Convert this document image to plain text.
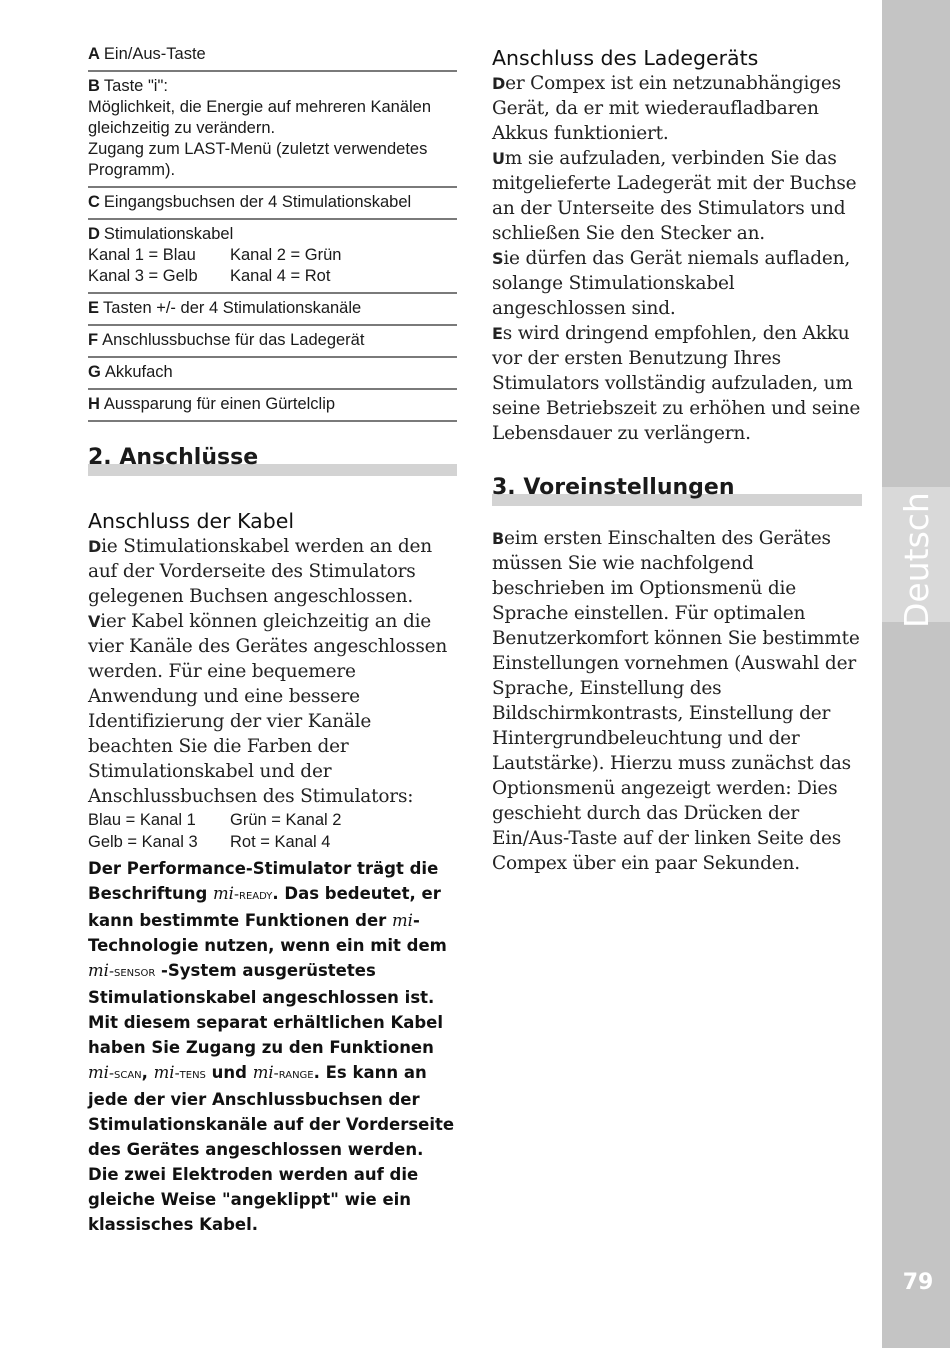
A Ein/Aus-Taste
B Taste "i":
Möglichkeit, die Energie auf mehreren Kanälen gleichzeitig zu verändern.
Zugang zum LAST-Menü (zuletzt verwendetes Programm).
C Eingangsbuchsen der 4 Stimulationskabel
D Stimulationskabel
Kanal 1 = Blau	Kanal 2 = Grün
Kanal 3 = Gelb	Kanal 4 = Rot
E Tasten +/- der 4 Stimulationskanäle
F Anschlussbuchse für das Ladegerät
G Akkufach
H Aussparung für einen Gürtelclip
2. Anschlüsse
Anschluss der Kabel

Die Stimulationskabel werden an den auf der Vorderseite des Stimulators gelegenen Buchsen angeschlossen.

Vier Kabel können gleichzeitig an die vier Kanäle des Gerätes angeschlossen werden. Für eine bequemere Anwendung und eine bessere Identifizierung der vier Kanäle beachten Sie die Farben der Stimulationskabel und der Anschlussbuchsen des Stimulators:

Blau = Kanal 1	Grün = Kanal 2
Gelb = Kanal 3	Rot = Kanal 4

Der Performance-Stimulator trägt die Beschriftung mi-ready. Das bedeutet, er kann bestimmte Funktionen der mi-Technologie nutzen, wenn ein mit dem mi-sensor -System ausgerüstetes Stimulationskabel angeschlossen ist. Mit diesem separat erhältlichen Kabel haben Sie Zugang zu den Funktionen mi-scan, mi-tens und mi-range. Es kann an jede der vier Anschlussbuchsen der Stimulationskanäle auf der Vorderseite des Gerätes angeschlossen werden. Die zwei Elektroden werden auf die gleiche Weise "angeklippt" wie ein klassisches Kabel.

Anschluss des Ladegeräts

Der Compex ist ein netzunabhängiges Gerät, da er mit wiederaufladbaren Akkus funktioniert.

Um sie aufzuladen, verbinden Sie das mitgelieferte Ladegerät mit der Buchse an der Unterseite des Stimulators und schließen Sie den Stecker an.

Sie dürfen das Gerät niemals aufladen, solange Stimulationskabel angeschlossen sind.

Es wird dringend empfohlen, den Akku vor der ersten Benutzung Ihres Stimulators vollständig aufzuladen, um seine Betriebszeit zu erhöhen und seine Lebensdauer zu verlängern.

3. Voreinstellungen

Beim ersten Einschalten des Gerätes müssen Sie wie nachfolgend beschrieben im Optionsmenü die Sprache einstellen. Für optimalen Benutzerkomfort können Sie bestimmte Einstellungen vornehmen (Auswahl der Sprache, Einstellung des Bildschirmkontrasts, Einstellung der Hintergrundbeleuchtung und der Lautstärke). Hierzu muss zunächst das Optionsmenü angezeigt werden: Dies geschieht durch das Drücken der Ein/Aus-Taste auf der linken Seite des Compex über ein paar Sekunden.

Deutsch
79
